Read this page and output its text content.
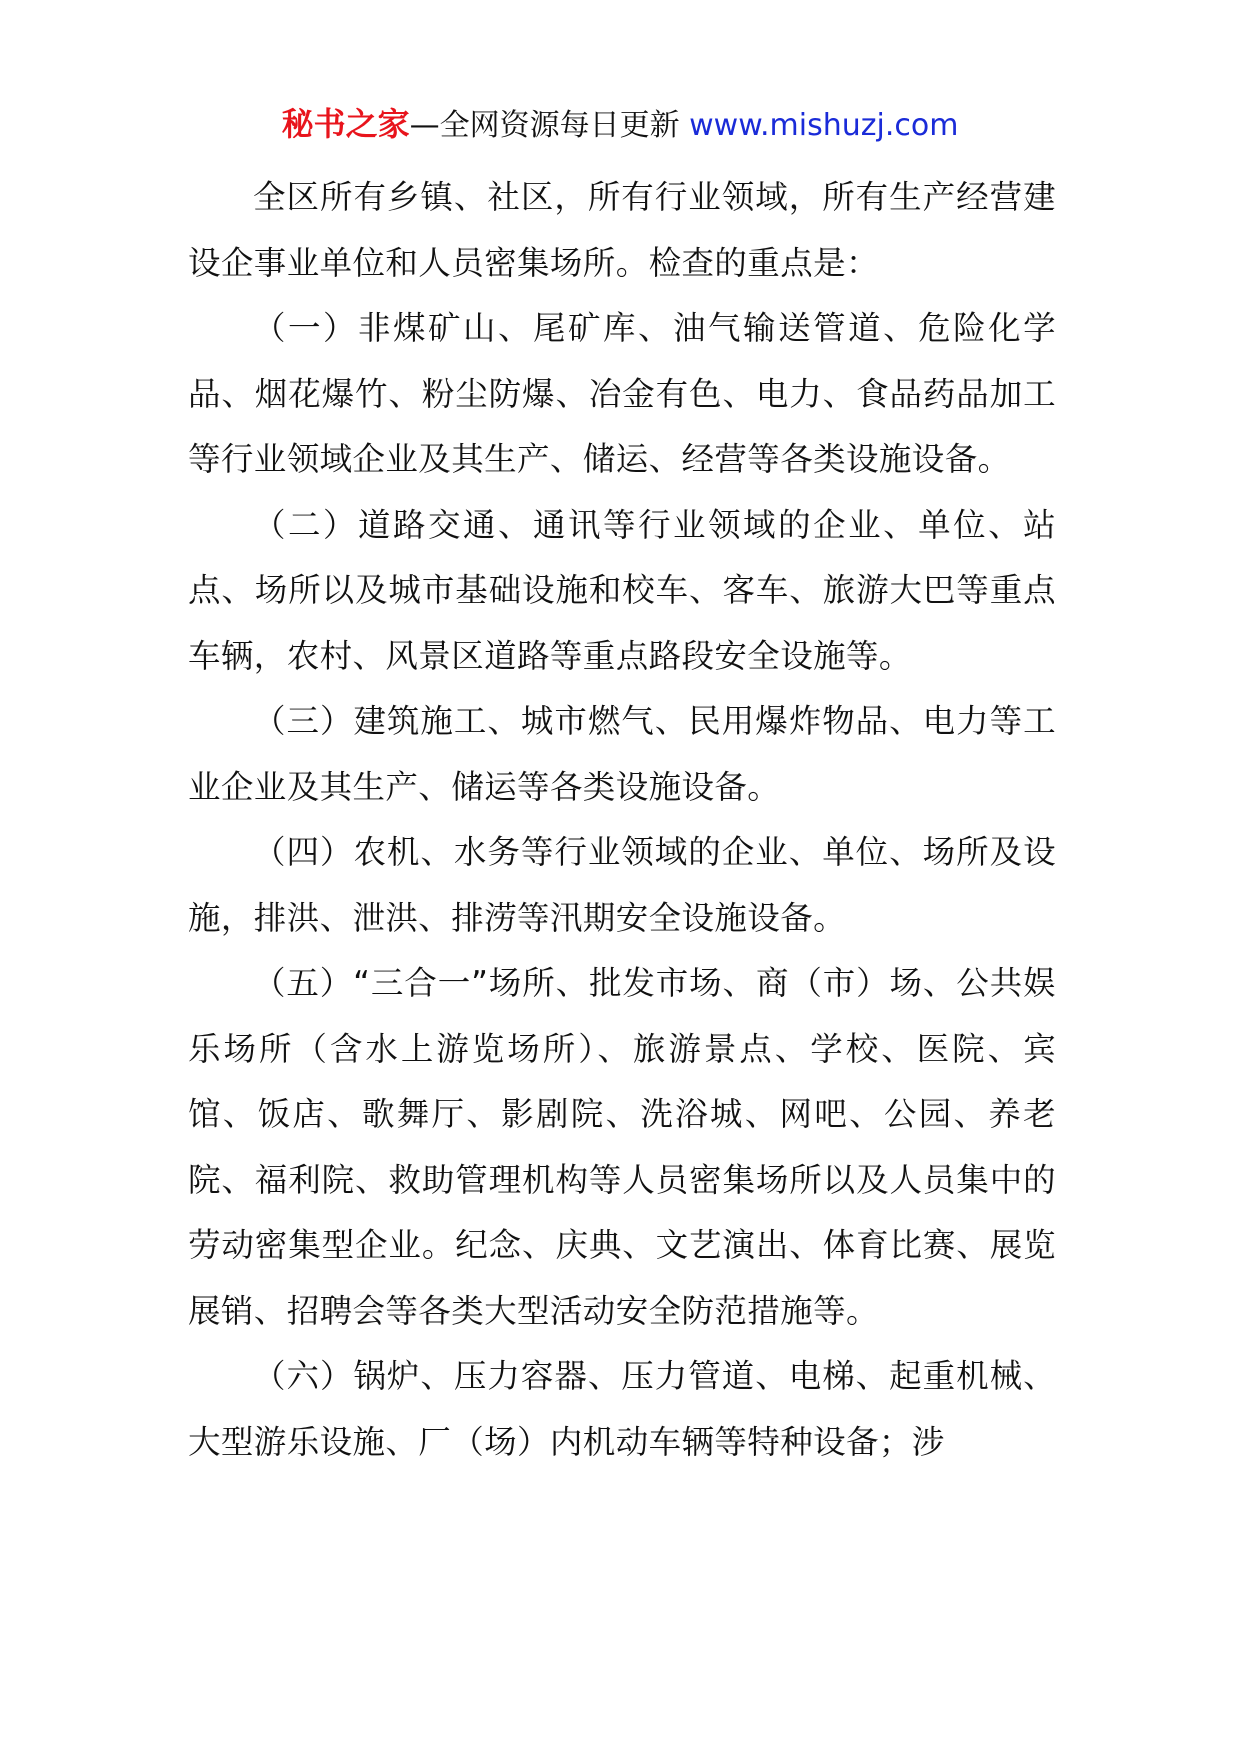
秘书之家—全网资源每日更新 www.mishuzj.com

全区所有乡镇、社区，所有行业领域，所有生产经营建设企事业单位和人员密集场所。检查的重点是：

（一）非煤矿山、尾矿库、油气输送管道、危险化学品、烟花爆竹、粉尘防爆、冶金有色、电力、食品药品加工等行业领域企业及其生产、储运、经营等各类设施设备。

（二）道路交通、通讯等行业领域的企业、单位、站点、场所以及城市基础设施和校车、客车、旅游大巴等重点车辆，农村、风景区道路等重点路段安全设施等。

（三）建筑施工、城市燃气、民用爆炸物品、电力等工业企业及其生产、储运等各类设施设备。

（四）农机、水务等行业领域的企业、单位、场所及设施，排洪、泄洪、排涝等汛期安全设施设备。

（五）“三合一”场所、批发市场、商（市）场、公共娱乐场所（含水上游览场所）、旅游景点、学校、医院、宾馆、饭店、歌舞厅、影剧院、洗浴城、网吧、公园、养老院、福利院、救助管理机构等人员密集场所以及人员集中的劳动密集型企业。纪念、庆典、文艺演出、体育比赛、展览展销、招聘会等各类大型活动安全防范措施等。

（六）锅炉、压力容器、压力管道、电梯、起重机械、大型游乐设施、厂（场）内机动车辆等特种设备；涉
